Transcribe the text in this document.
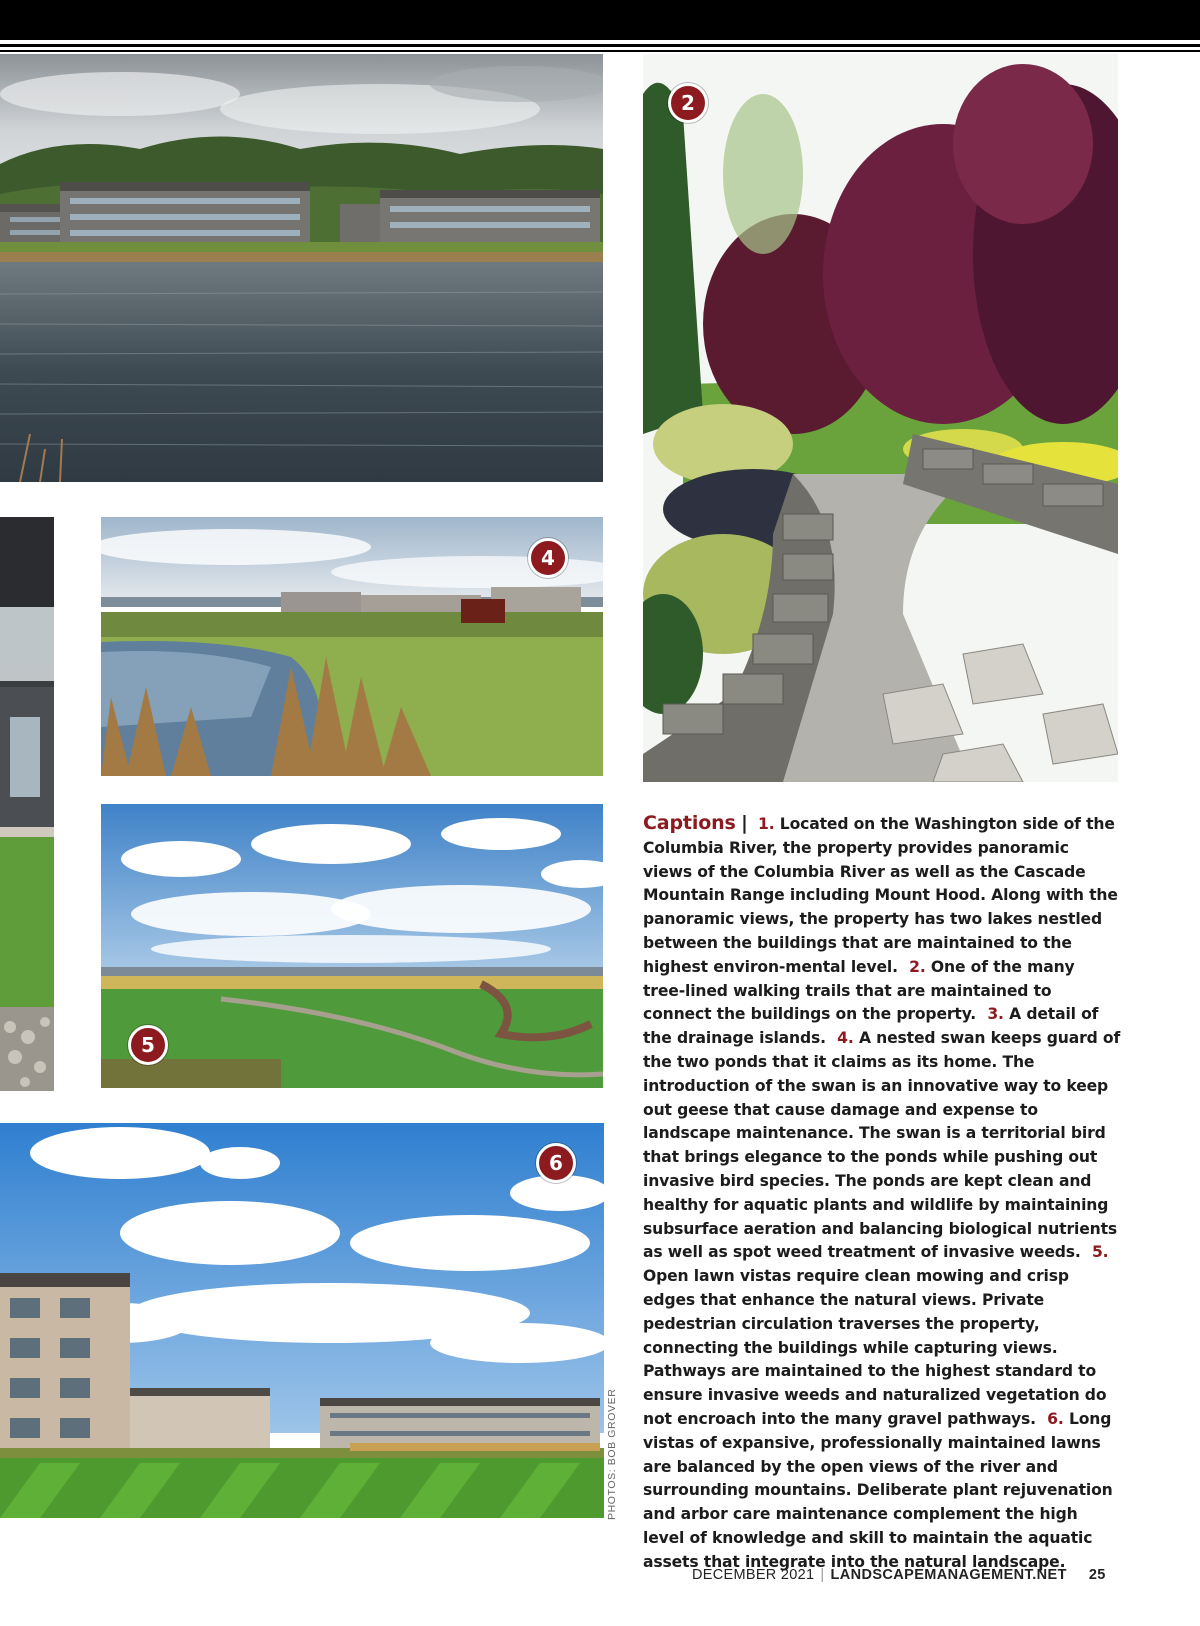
2
4
5
6
PHOTOS: BOB GROVER
Captions | 1. Located on the Washington side of the Columbia River, the property provides panoramic views of the Columbia River as well as the Cascade Mountain Range including Mount Hood. Along with the panoramic views, the property has two lakes nestled between the buildings that are maintained to the highest environ-mental level. 2. One of the many tree-lined walking trails that are maintained to connect the buildings on the property. 3. A detail of the drainage islands. 4. A nested swan keeps guard of the two ponds that it claims as its home. The introduction of the swan is an innovative way to keep out geese that cause damage and expense to landscape maintenance. The swan is a territorial bird that brings elegance to the ponds while pushing out invasive bird species. The ponds are kept clean and healthy for aquatic plants and wildlife by maintaining subsurface aeration and balancing biological nutrients as well as spot weed treatment of invasive weeds. 5. Open lawn vistas require clean mowing and crisp edges that enhance the natural views. Private pedestrian circulation traverses the property, connecting the buildings while capturing views. Pathways are maintained to the highest standard to ensure invasive weeds and naturalized vegetation do not encroach into the many gravel pathways. 6. Long vistas of expansive, professionally maintained lawns are balanced by the open views of the river and surrounding mountains. Deliberate plant rejuvenation and arbor care maintenance complement the high level of knowledge and skill to maintain the aquatic assets that integrate into the natural landscape.
DECEMBER 2021 | LANDSCAPEMANAGEMENT.NET 25
